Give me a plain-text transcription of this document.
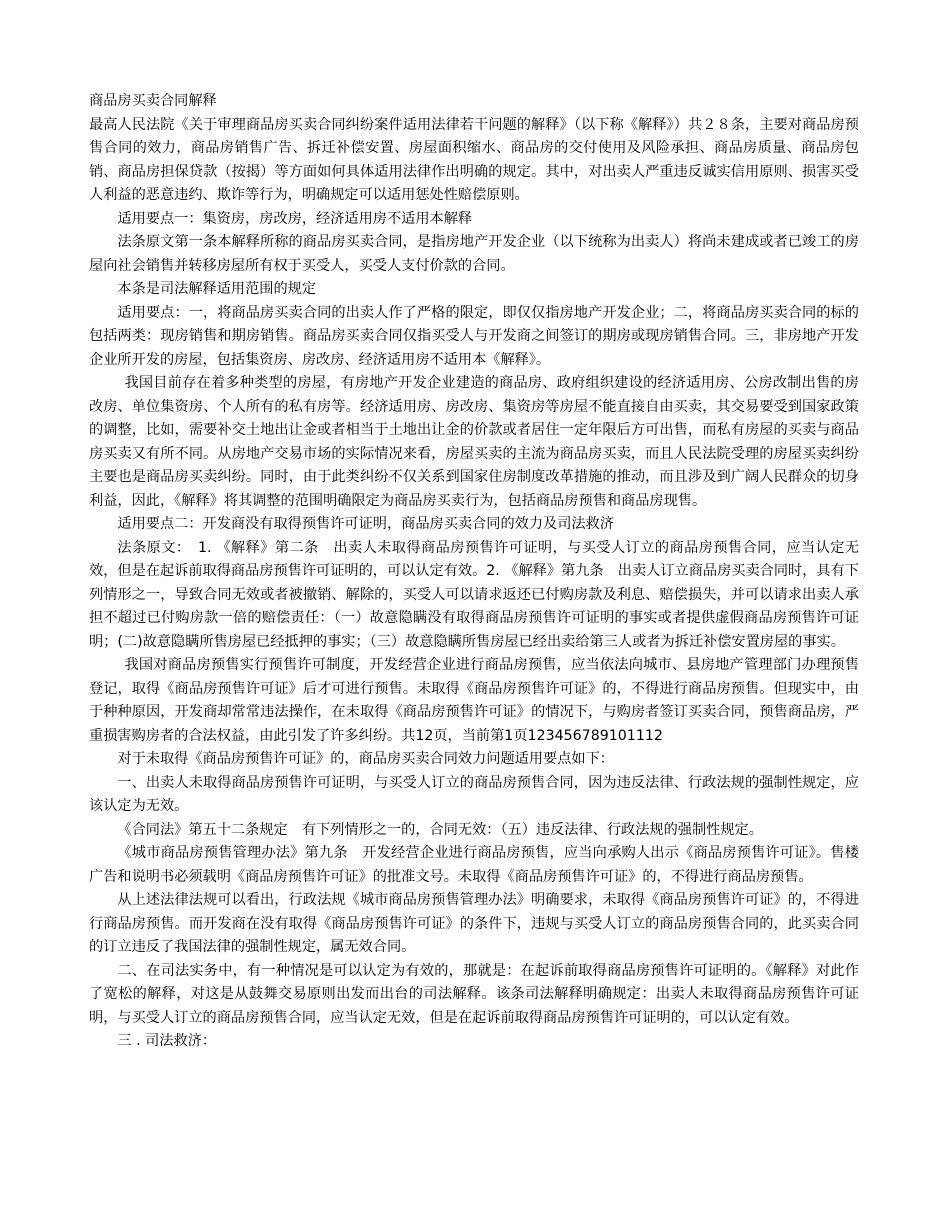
商品房买卖合同解释

最高人民法院《关于审理商品房买卖合同纠纷案件适用法律若干问题的解释》（以下称《解释》）共２８条，主要对商品房预售合同的效力，商品房销售广告、拆迁补偿安置、房屋面积缩水、商品房的交付使用及风险承担、商品房质量、商品房包销、商品房担保贷款（按揭）等方面如何具体适用法律作出明确的规定。其中，对出卖人严重违反诚实信用原则、损害买受人利益的恶意违约、欺诈等行为，明确规定可以适用惩处性赔偿原则。

适用要点一：集资房，房改房，经济适用房不适用本解释

法条原文第一条本解释所称的商品房买卖合同，是指房地产开发企业（以下统称为出卖人）将尚未建成或者已竣工的房屋向社会销售并转移房屋所有权于买受人，买受人支付价款的合同。

本条是司法解释适用范围的规定

适用要点：一，将商品房买卖合同的出卖人作了严格的限定，即仅仅指房地产开发企业；二，将商品房买卖合同的标的包括两类：现房销售和期房销售。商品房买卖合同仅指买受人与开发商之间签订的期房或现房销售合同。三，非房地产开发企业所开发的房屋，包括集资房、房改房、经济适用房不适用本《解释》。

我国目前存在着多种类型的房屋，有房地产开发企业建造的商品房、政府组织建设的经济适用房、公房改制出售的房改房、单位集资房、个人所有的私有房等。经济适用房、房改房、集资房等房屋不能直接自由买卖，其交易要受到国家政策的调整，比如，需要补交土地出让金或者相当于土地出让金的价款或者居住一定年限后方可出售，而私有房屋的买卖与商品房买卖又有所不同。从房地产交易市场的实际情况来看，房屋买卖的主流为商品房买卖，而且人民法院受理的房屋买卖纠纷主要也是商品房买卖纠纷。同时，由于此类纠纷不仅关系到国家住房制度改革措施的推动，而且涉及到广阔人民群众的切身利益，因此，《解释》将其调整的范围明确限定为商品房买卖行为，包括商品房预售和商品房现售。

适用要点二：开发商没有取得预售许可证明，商品房买卖合同的效力及司法救济

法条原文：　1. 《解释》第二条　出卖人未取得商品房预售许可证明，与买受人订立的商品房预售合同，应当认定无效，但是在起诉前取得商品房预售许可证明的，可以认定有效。2. 《解释》第九条　出卖人订立商品房买卖合同时，具有下列情形之一，导致合同无效或者被撤销、解除的，买受人可以请求返还已付购房款及利息、赔偿损失，并可以请求出卖人承担不超过已付购房款一倍的赔偿责任：（一）故意隐瞒没有取得商品房预售许可证明的事实或者提供虚假商品房预售许可证明；(二)故意隐瞒所售房屋已经抵押的事实；（三）故意隐瞒所售房屋已经出卖给第三人或者为拆迁补偿安置房屋的事实。

我国对商品房预售实行预售许可制度，开发经营企业进行商品房预售，应当依法向城市、县房地产管理部门办理预售登记，取得《商品房预售许可证》后才可进行预售。未取得《商品房预售许可证》的，不得进行商品房预售。但现实中，由于种种原因，开发商却常常违法操作，在未取得《商品房预售许可证》的情况下，与购房者签订买卖合同，预售商品房，严重损害购房者的合法权益，由此引发了许多纠纷。共12页，当前第1页123456789101112

对于未取得《商品房预售许可证》的，商品房买卖合同效力问题适用要点如下：

一、出卖人未取得商品房预售许可证明，与买受人订立的商品房预售合同，因为违反法律、行政法规的强制性规定，应该认定为无效。

《合同法》第五十二条规定　有下列情形之一的，合同无效：（五）违反法律、行政法规的强制性规定。

《城市商品房预售管理办法》第九条　开发经营企业进行商品房预售，应当向承购人出示《商品房预售许可证》。售楼广告和说明书必须载明《商品房预售许可证》的批准文号。未取得《商品房预售许可证》的，不得进行商品房预售。

从上述法律法规可以看出，行政法规《城市商品房预售管理办法》明确要求，未取得《商品房预售许可证》的，不得进行商品房预售。而开发商在没有取得《商品房预售许可证》的条件下，违规与买受人订立的商品房预售合同的，此买卖合同的订立违反了我国法律的强制性规定，属无效合同。

二、在司法实务中，有一种情况是可以认定为有效的，那就是：在起诉前取得商品房预售许可证明的。《解释》对此作了宽松的解释，对这是从鼓舞交易原则出发而出台的司法解释。该条司法解释明确规定：出卖人未取得商品房预售许可证明，与买受人订立的商品房预售合同，应当认定无效，但是在起诉前取得商品房预售许可证明的，可以认定有效。

三 . 司法救济：
